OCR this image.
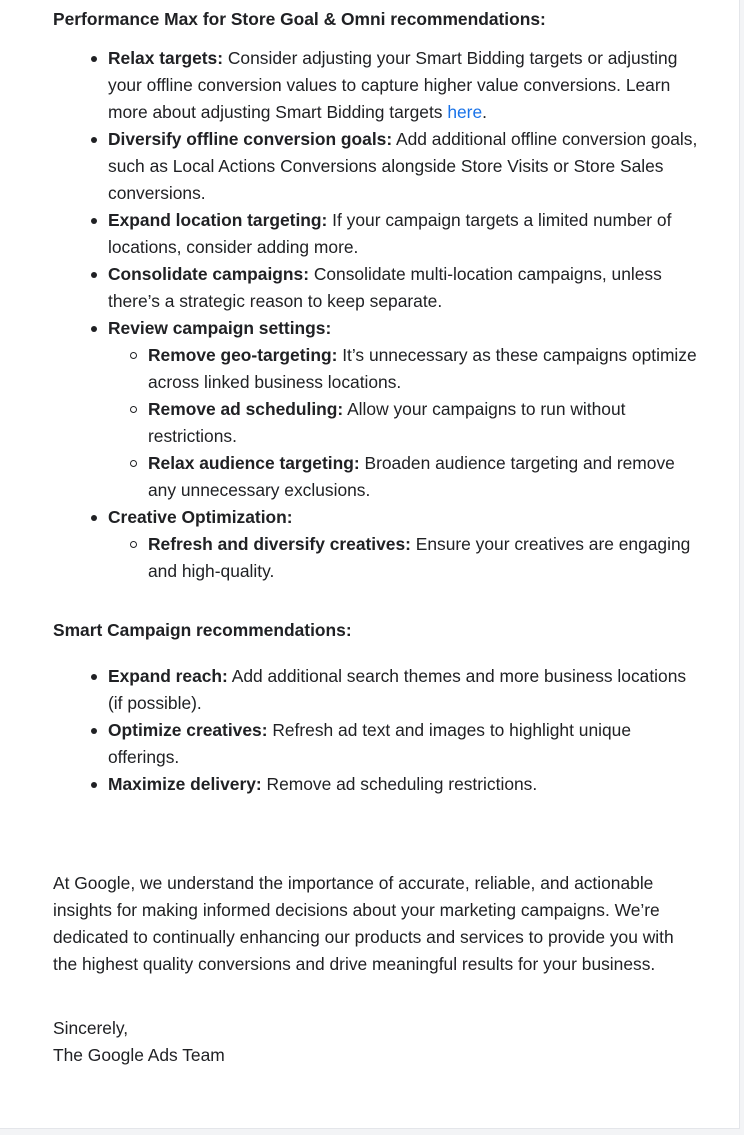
Performance Max for Store Goal & Omni recommendations:

Relax targets: Consider adjusting your Smart Bidding targets or adjusting your offline conversion values to capture higher value conversions. Learn more about adjusting Smart Bidding targets here.
Diversify offline conversion goals: Add additional offline conversion goals, such as Local Actions Conversions alongside Store Visits or Store Sales conversions.
Expand location targeting: If your campaign targets a limited number of locations, consider adding more.
Consolidate campaigns: Consolidate multi-location campaigns, unless there’s a strategic reason to keep separate.
Review campaign settings:
Remove geo-targeting: It’s unnecessary as these campaigns optimize across linked business locations.
Remove ad scheduling: Allow your campaigns to run without restrictions.
Relax audience targeting: Broaden audience targeting and remove any unnecessary exclusions.
Creative Optimization:
Refresh and diversify creatives: Ensure your creatives are engaging and high-quality.

Smart Campaign recommendations:

Expand reach: Add additional search themes and more business locations (if possible).
Optimize creatives: Refresh ad text and images to highlight unique offerings.
Maximize delivery: Remove ad scheduling restrictions.

At Google, we understand the importance of accurate, reliable, and actionable insights for making informed decisions about your marketing campaigns. We’re dedicated to continually enhancing our products and services to provide you with the highest quality conversions and drive meaningful results for your business.

Sincerely,

The Google Ads Team
